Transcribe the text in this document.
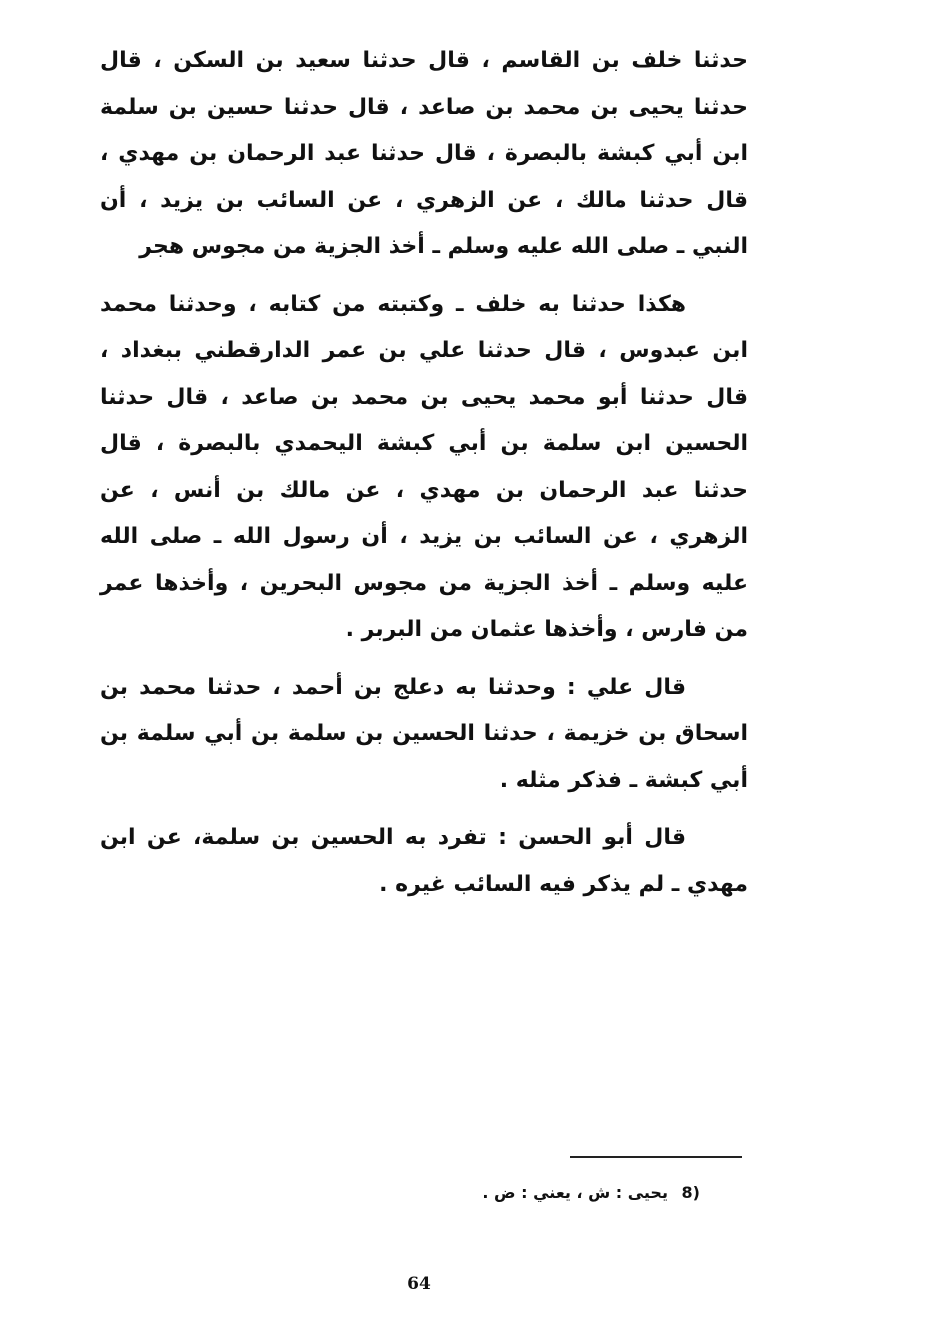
حدثنا خلف بن القاسم ، قال حدثنا سعيد بن السكن ، قال حدثنا يحيى بن محمد بن صاعد ، قال حدثنا حسين بن سلمة ابن أبي كبشة بالبصرة ، قال حدثنا عبد الرحمان بن مهدي ، قال حدثنا مالك ، عن الزهري ، عن السائب بن يزيد ، أن النبي ـ صلى الله عليه وسلم ـ أخذ الجزية من مجوس هجر

هكذا حدثنا به خلف ـ وكتبته من كتابه ، وحدثنا محمد ابن عبدوس ، قال حدثنا علي بن عمر الدارقطني ببغداد ، قال حدثنا أبو محمد يحيى بن محمد بن صاعد ، قال حدثنا الحسين ابن سلمة بن أبي كبشة اليحمدي بالبصرة ، قال حدثنا عبد الرحمان بن مهدي ، عن مالك بن أنس ، عن الزهري ، عن السائب بن يزيد ، أن رسول الله ـ صلى الله عليه وسلم ـ أخذ الجزية من مجوس البحرين ، وأخذها عمر من فارس ، وأخذها عثمان من البربر .

قال علي : وحدثنا به دعلج بن أحمد ، حدثنا محمد بن اسحاق بن خزيمة ، حدثنا الحسين بن سلمة بن أبي سلمة بن أبي كبشة ـ فذكر مثله .

قال أبو الحسن : تفرد به الحسين بن سلمة، عن ابن مهدي ـ لم يذكر فيه السائب غيره .

8) يحيى : ش ، يعني : ض .
64
